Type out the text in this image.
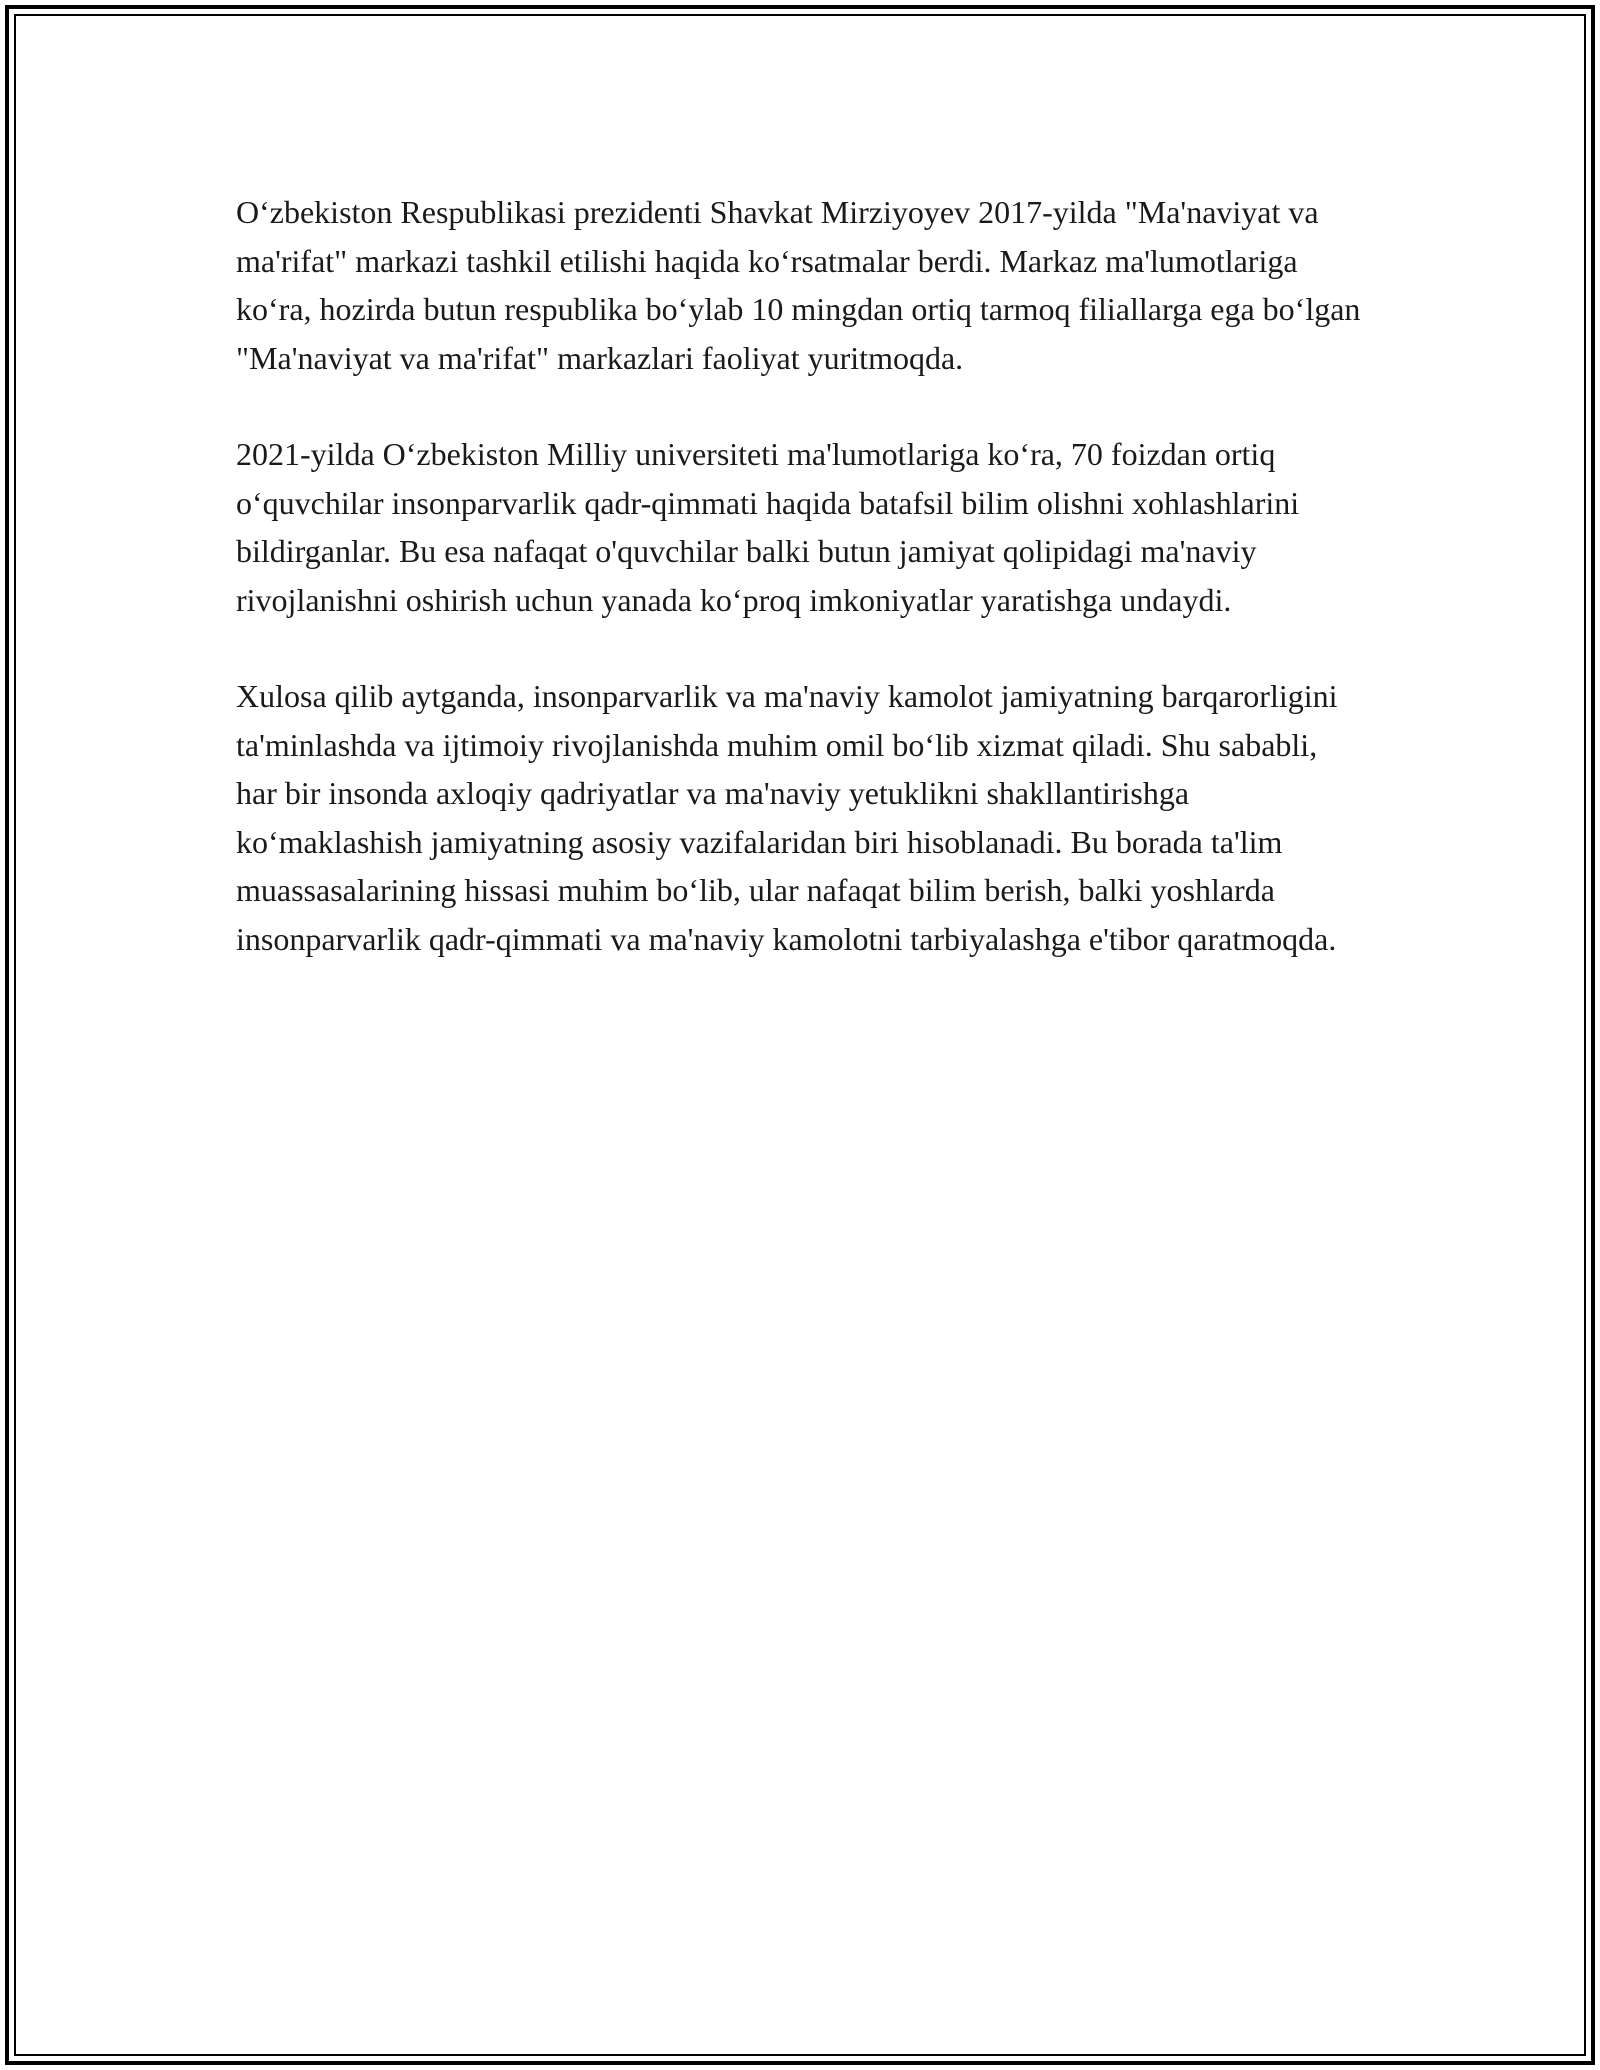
O‘zbekiston Respublikasi prezidenti Shavkat Mirziyoyev 2017-yilda "Ma'naviyat va ma'rifat" markazi tashkil etilishi haqida ko‘rsatmalar berdi. Markaz ma'lumotlariga ko‘ra, hozirda butun respublika bo‘ylab 10 mingdan ortiq tarmoq filiallarga ega bo‘lgan "Ma'naviyat va ma'rifat" markazlari faoliyat yuritmoqda.

2021-yilda O‘zbekiston Milliy universiteti ma'lumotlariga ko‘ra, 70 foizdan ortiq o‘quvchilar insonparvarlik qadr-qimmati haqida batafsil bilim olishni xohlashlarini bildirganlar. Bu esa nafaqat o'quvchilar balki butun jamiyat qolipidagi ma'naviy rivojlanishni oshirish uchun yanada ko‘proq imkoniyatlar yaratishga undaydi.

Xulosa qilib aytganda, insonparvarlik va ma'naviy kamolot jamiyatning barqarorligini ta'minlashda va ijtimoiy rivojlanishda muhim omil bo‘lib xizmat qiladi. Shu sababli, har bir insonda axloqiy qadriyatlar va ma'naviy yetuklikni shakllantirishga ko‘maklashish jamiyatning asosiy vazifalaridan biri hisoblanadi. Bu borada ta'lim muassasalarining hissasi muhim bo‘lib, ular nafaqat bilim berish, balki yoshlarda insonparvarlik qadr-qimmati va ma'naviy kamolotni tarbiyalashga e'tibor qaratmoqda.
